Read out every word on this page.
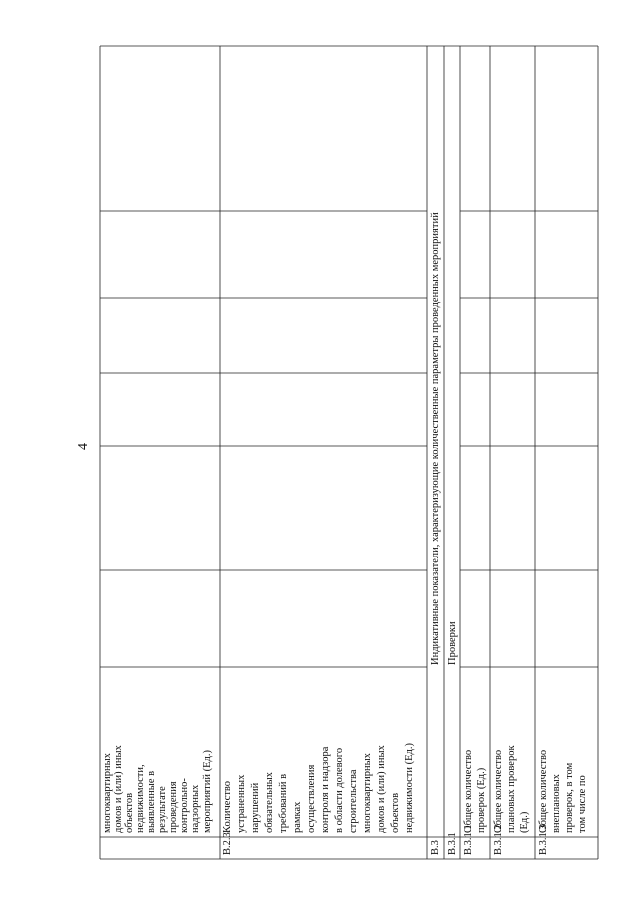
4
многоквартирных домов и (или) иных объектов недвижимости, выявленные в результате проведения контрольно- надзорных мероприятий (Ед.)
В.2.3
Количество устраненных нарушений обязательных требований в рамках осуществления контроля и надзора в области долевого строительства многоквартирных домов и (или) иных объектов недвижимости (Ед.)
В.3
Индикативные показатели, характеризующие количественные параметры проведенных мероприятий
В.3.1
Проверки
В.3.1.1
Общее количество проверок (Ед.)
В.3.1.2
Общее количество плановых проверок (Ед.)
В.3.1.3
Общее количество внеплановых проверок, в том том числе по
